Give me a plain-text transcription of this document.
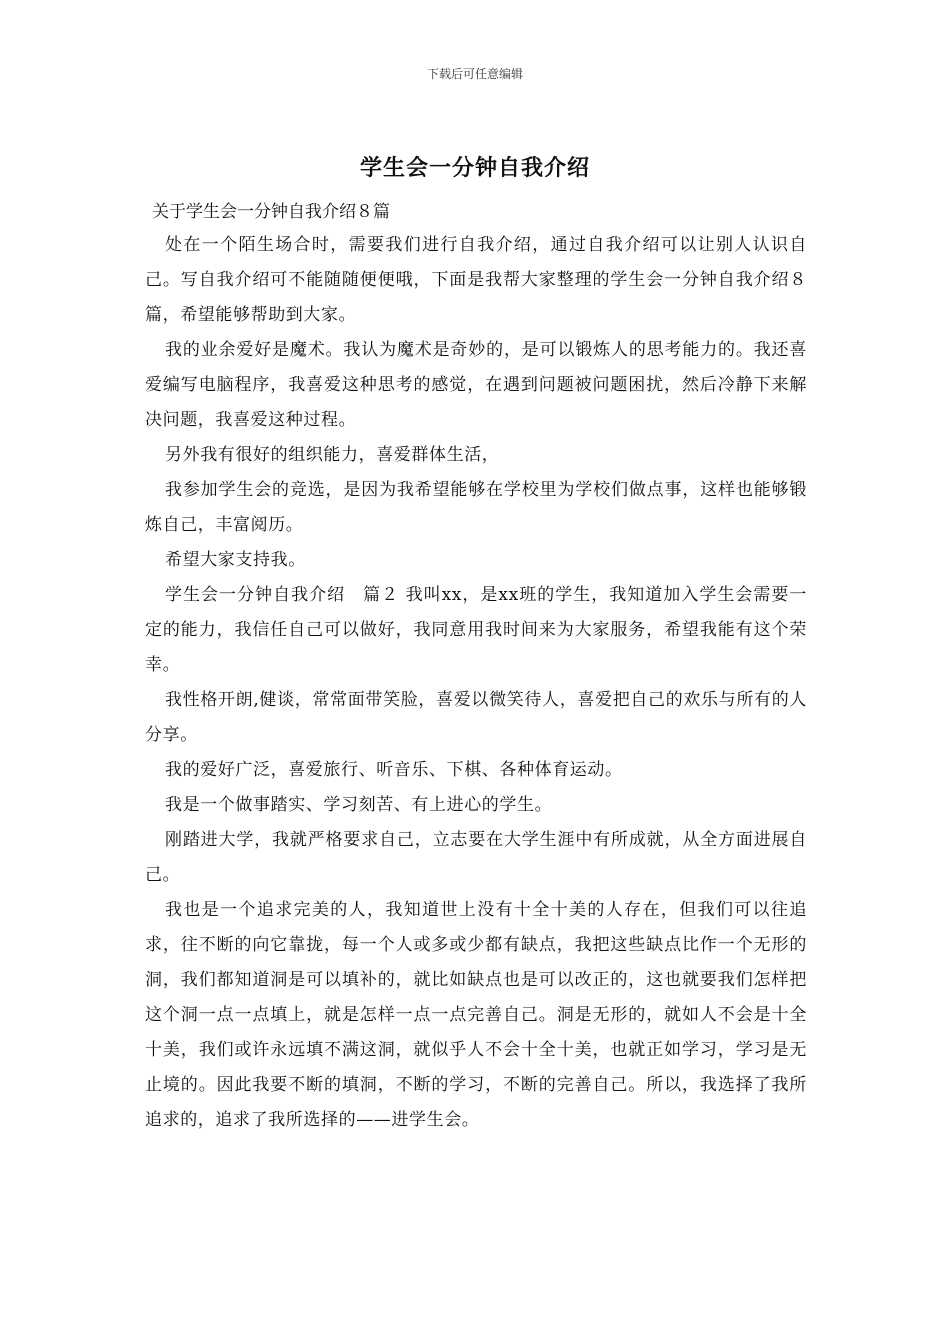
下载后可任意编辑
学生会一分钟自我介绍
关于学生会一分钟自我介绍８篇

处在一个陌生场合时，需要我们进行自我介绍，通过自我介绍可以让别人认识自己。写自我介绍可不能随随便便哦，下面是我帮大家整理的学生会一分钟自我介绍８篇，希望能够帮助到大家。

我的业余爱好是魔术。我认为魔术是奇妙的，是可以锻炼人的思考能力的。我还喜爱编写电脑程序，我喜爱这种思考的感觉，在遇到问题被问题困扰，然后冷静下来解决问题，我喜爱这种过程。

另外我有很好的组织能力，喜爱群体生活，

我参加学生会的竞选，是因为我希望能够在学校里为学校们做点事，这样也能够锻炼自己，丰富阅历。

希望大家支持我。

学生会一分钟自我介绍　篇２ 我叫xx，是xx班的学生，我知道加入学生会需要一定的能力，我信任自己可以做好，我同意用我时间来为大家服务，希望我能有这个荣幸。

我性格开朗,健谈，常常面带笑脸，喜爱以微笑待人，喜爱把自己的欢乐与所有的人分享。

我的爱好广泛，喜爱旅行、听音乐、下棋、各种体育运动。

我是一个做事踏实、学习刻苦、有上进心的学生。

刚踏进大学，我就严格要求自己，立志要在大学生涯中有所成就，从全方面进展自己。

我也是一个追求完美的人，我知道世上没有十全十美的人存在，但我们可以往追求，往不断的向它靠拢，每一个人或多或少都有缺点，我把这些缺点比作一个无形的洞，我们都知道洞是可以填补的，就比如缺点也是可以改正的，这也就要我们怎样把这个洞一点一点填上，就是怎样一点一点完善自己。洞是无形的，就如人不会是十全十美，我们或许永远填不满这洞，就似乎人不会十全十美，也就正如学习，学习是无止境的。因此我要不断的填洞，不断的学习，不断的完善自己。所以，我选择了我所追求的，追求了我所选择的——进学生会。
